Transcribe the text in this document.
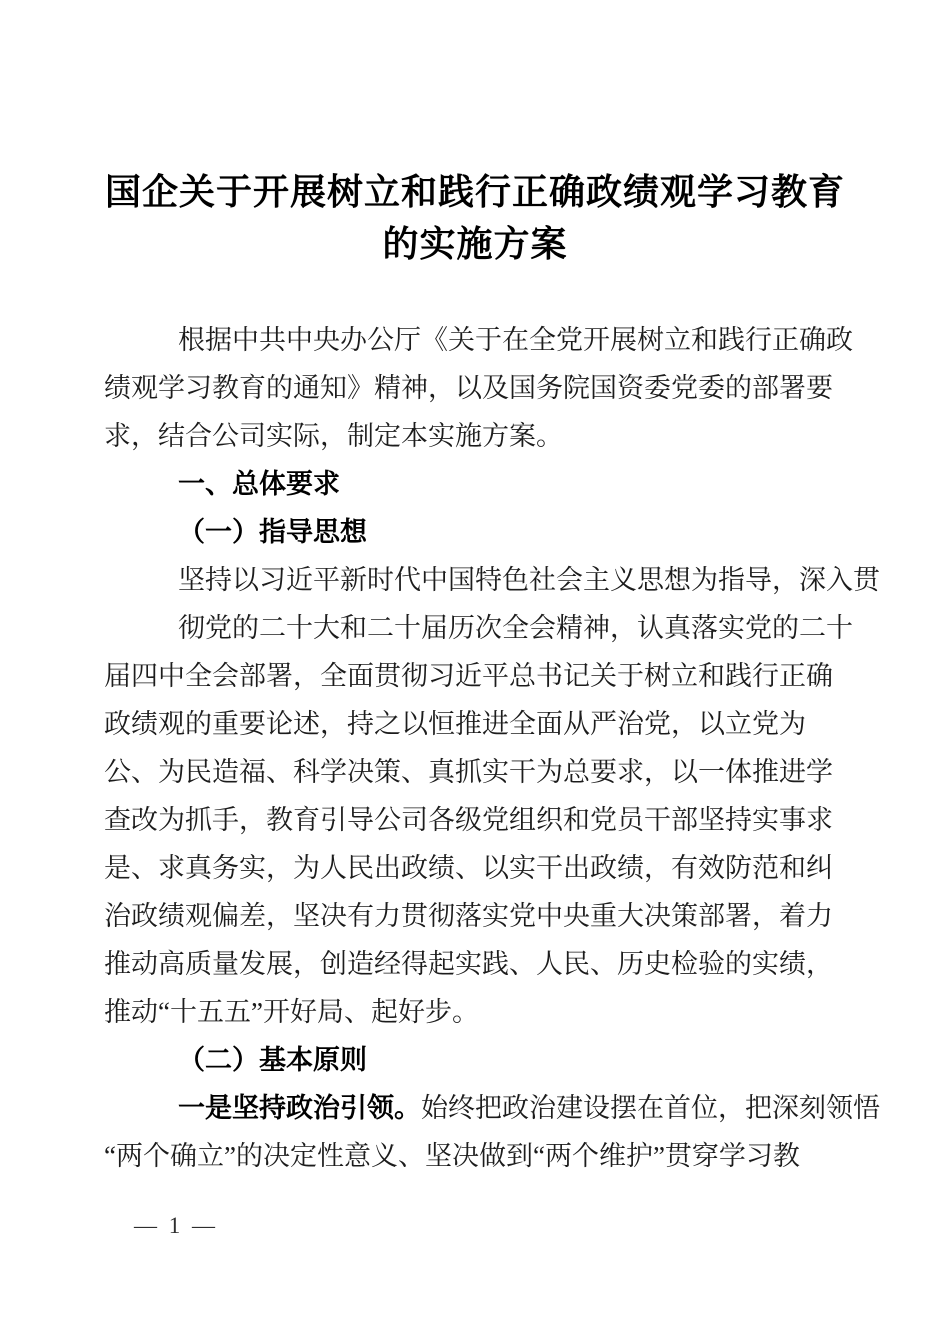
国企关于开展树立和践行正确政绩观学习教育
的实施方案
根据中共中央办公厅《关于在全党开展树立和践行正确政
绩观学习教育的通知》精神，以及国务院国资委党委的部署要
求，结合公司实际，制定本实施方案。
一、总体要求
（一）指导思想
坚持以习近平新时代中国特色社会主义思想为指导，深入贯
彻党的二十大和二十届历次全会精神，认真落实党的二十
届四中全会部署，全面贯彻习近平总书记关于树立和践行正确
政绩观的重要论述，持之以恒推进全面从严治党，以立党为
公、为民造福、科学决策、真抓实干为总要求，以一体推进学
查改为抓手，教育引导公司各级党组织和党员干部坚持实事求
是、求真务实，为人民出政绩、以实干出政绩，有效防范和纠
治政绩观偏差，坚决有力贯彻落实党中央重大决策部署，着力
推动高质量发展，创造经得起实践、人民、历史检验的实绩，
推动“十五五”开好局、起好步。
（二）基本原则
一是坚持政治引领。始终把政治建设摆在首位，把深刻领悟
“两个确立”的决定性意义、坚决做到“两个维护”贯穿学习教
— 1 —
